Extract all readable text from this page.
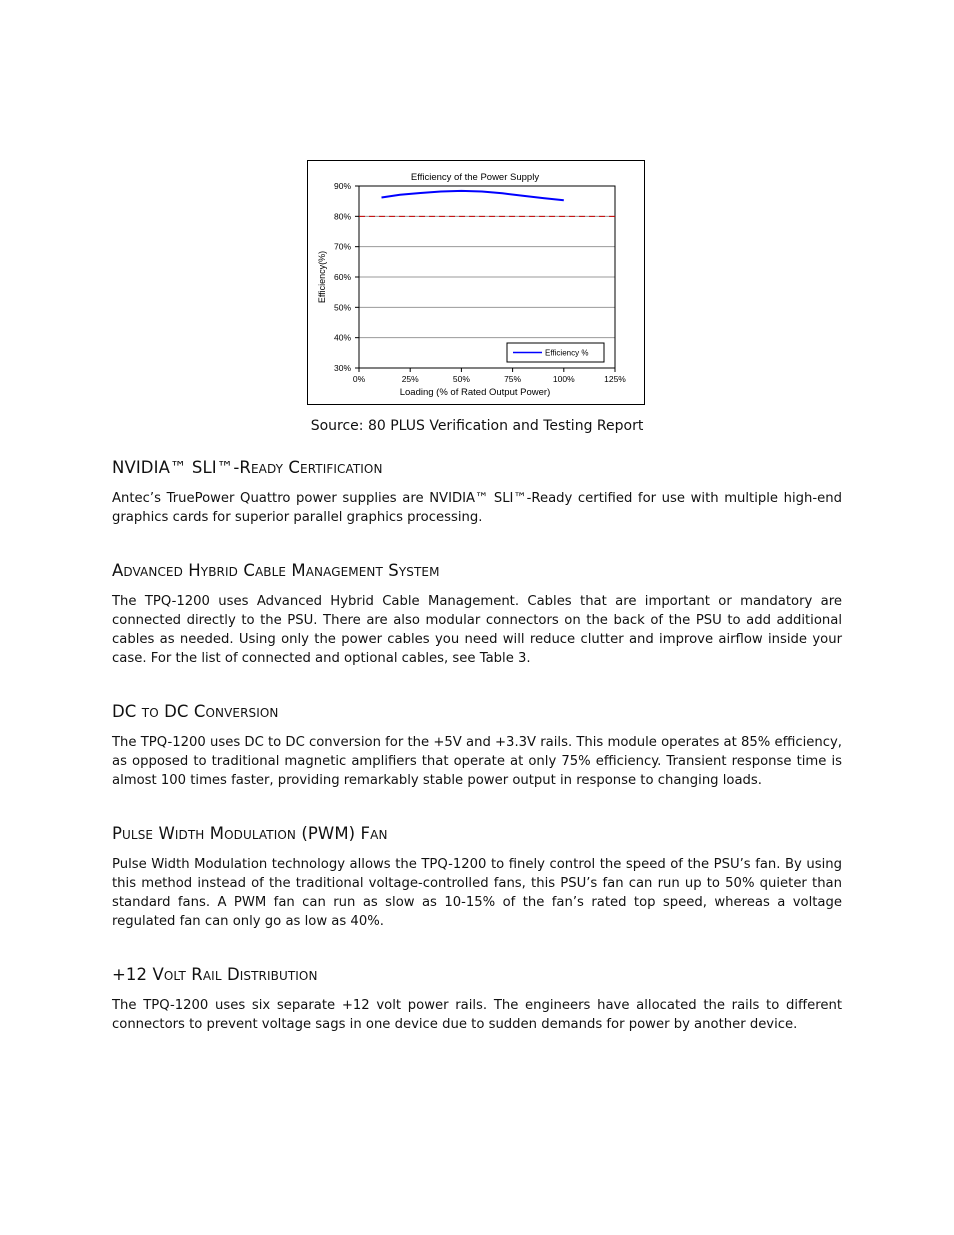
Efficiency of the Power Supply
Efficiency(%)
Loading (% of Rated Output Power)
30%
40%
50%
60%
70%
80%
90%
0%	25%	50%	75%	100%	125%
Efficiency %
Source: 80 PLUS Verification and Testing Report
NVIDIA™ SLI™-Ready Certification

Antec’s TruePower Quattro power supplies are NVIDIA™ SLI™-Ready certified for use with multiple high-end graphics cards for superior parallel graphics processing.

Advanced Hybrid Cable Management System

The TPQ-1200 uses Advanced Hybrid Cable Management. Cables that are important or mandatory are connected directly to the PSU. There are also modular connectors on the back of the PSU to add additional cables as needed. Using only the power cables you need will reduce clutter and improve airflow inside your case. For the list of connected and optional cables, see Table 3.

DC to DC Conversion

The TPQ-1200 uses DC to DC conversion for the +5V and +3.3V rails. This module operates at 85% efficiency, as opposed to traditional magnetic amplifiers that operate at only 75% efficiency. Transient response time is almost 100 times faster, providing remarkably stable power output in response to changing loads.

Pulse Width Modulation (PWM) Fan

Pulse Width Modulation technology allows the TPQ-1200 to finely control the speed of the PSU’s fan. By using this method instead of the traditional voltage-controlled fans, this PSU’s fan can run up to 50% quieter than standard fans. A PWM fan can run as slow as 10-15% of the fan’s rated top speed, whereas a voltage regulated fan can only go as low as 40%.

+12 Volt Rail Distribution

The TPQ-1200 uses six separate +12 volt power rails. The engineers have allocated the rails to different connectors to prevent voltage sags in one device due to sudden demands for power by another device.
